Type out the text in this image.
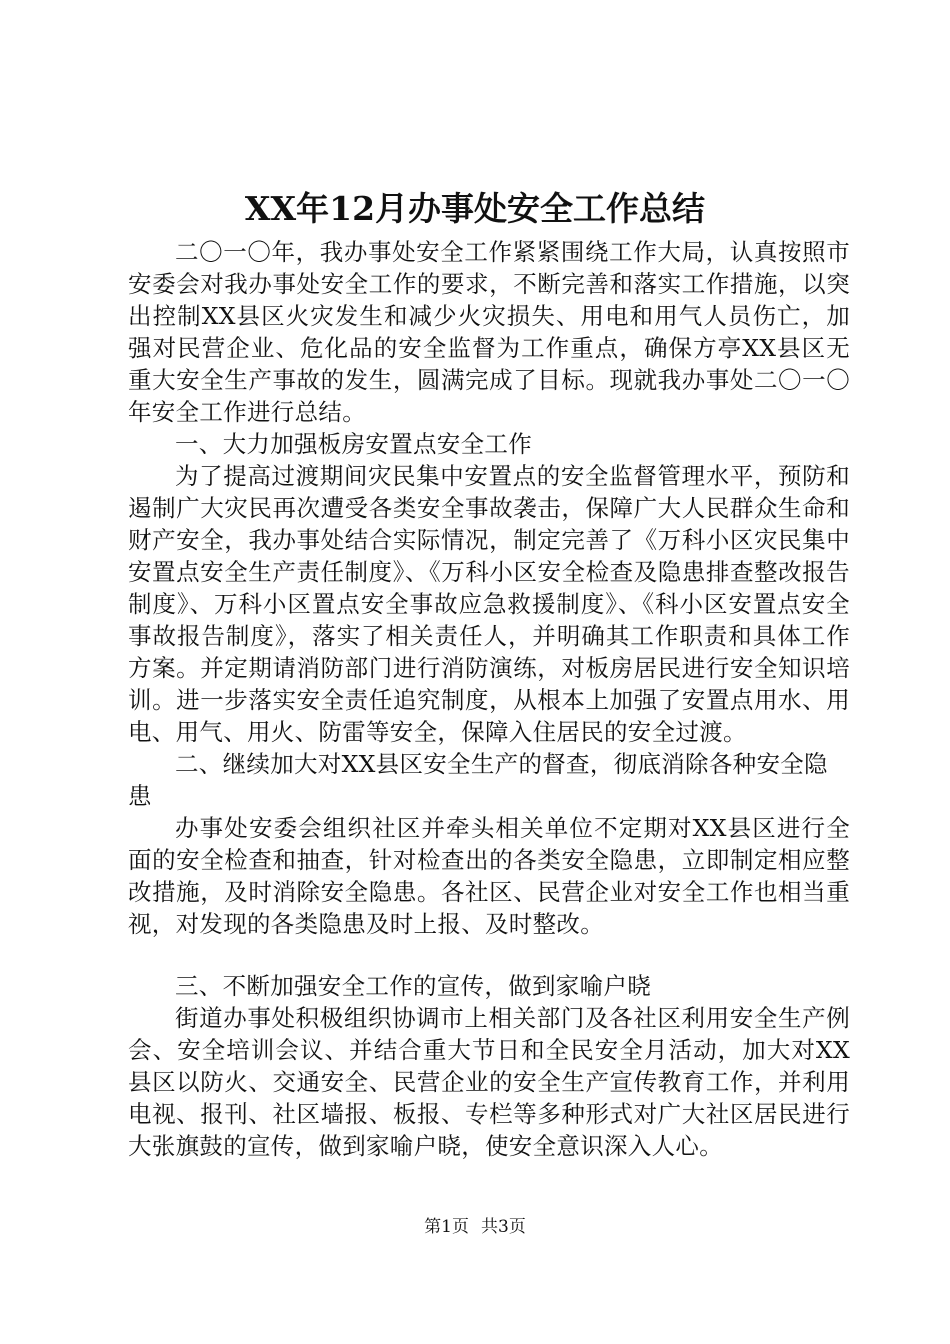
XX年12月办事处安全工作总结

二〇一〇年，我办事处安全工作紧紧围绕工作大局，认真按照市安委会对我办事处安全工作的要求，不断完善和落实工作措施，以突出控制XX县区火灾发生和减少火灾损失、用电和用气人员伤亡，加强对民营企业、危化品的安全监督为工作重点，确保方亭XX县区无重大安全生产事故的发生，圆满完成了目标。现就我办事处二〇一〇年安全工作进行总结。

一、大力加强板房安置点安全工作

为了提高过渡期间灾民集中安置点的安全监督管理水平，预防和遏制广大灾民再次遭受各类安全事故袭击，保障广大人民群众生命和财产安全，我办事处结合实际情况，制定完善了《万科小区灾民集中安置点安全生产责任制度》、《万科小区安全检查及隐患排查整改报告制度》、万科小区置点安全事故应急救援制度》、《科小区安置点安全事故报告制度》，落实了相关责任人，并明确其工作职责和具体工作方案。并定期请消防部门进行消防演练，对板房居民进行安全知识培训。进一步落实安全责任追究制度，从根本上加强了安置点用水、用电、用气、用火、防雷等安全，保障入住居民的安全过渡。

二、继续加大对XX县区安全生产的督查，彻底消除各种安全隐患

办事处安委会组织社区并牵头相关单位不定期对XX县区进行全面的安全检查和抽查，针对检查出的各类安全隐患，立即制定相应整改措施，及时消除安全隐患。各社区、民营企业对安全工作也相当重视，对发现的各类隐患及时上报、及时整改。

三、不断加强安全工作的宣传，做到家喻户晓

街道办事处积极组织协调市上相关部门及各社区利用安全生产例会、安全培训会议、并结合重大节日和全民安全月活动，加大对XX县区以防火、交通安全、民营企业的安全生产宣传教育工作，并利用电视、报刊、社区墙报、板报、专栏等多种形式对广大社区居民进行大张旗鼓的宣传，做到家喻户晓，使安全意识深入人心。

第1页 共3页
